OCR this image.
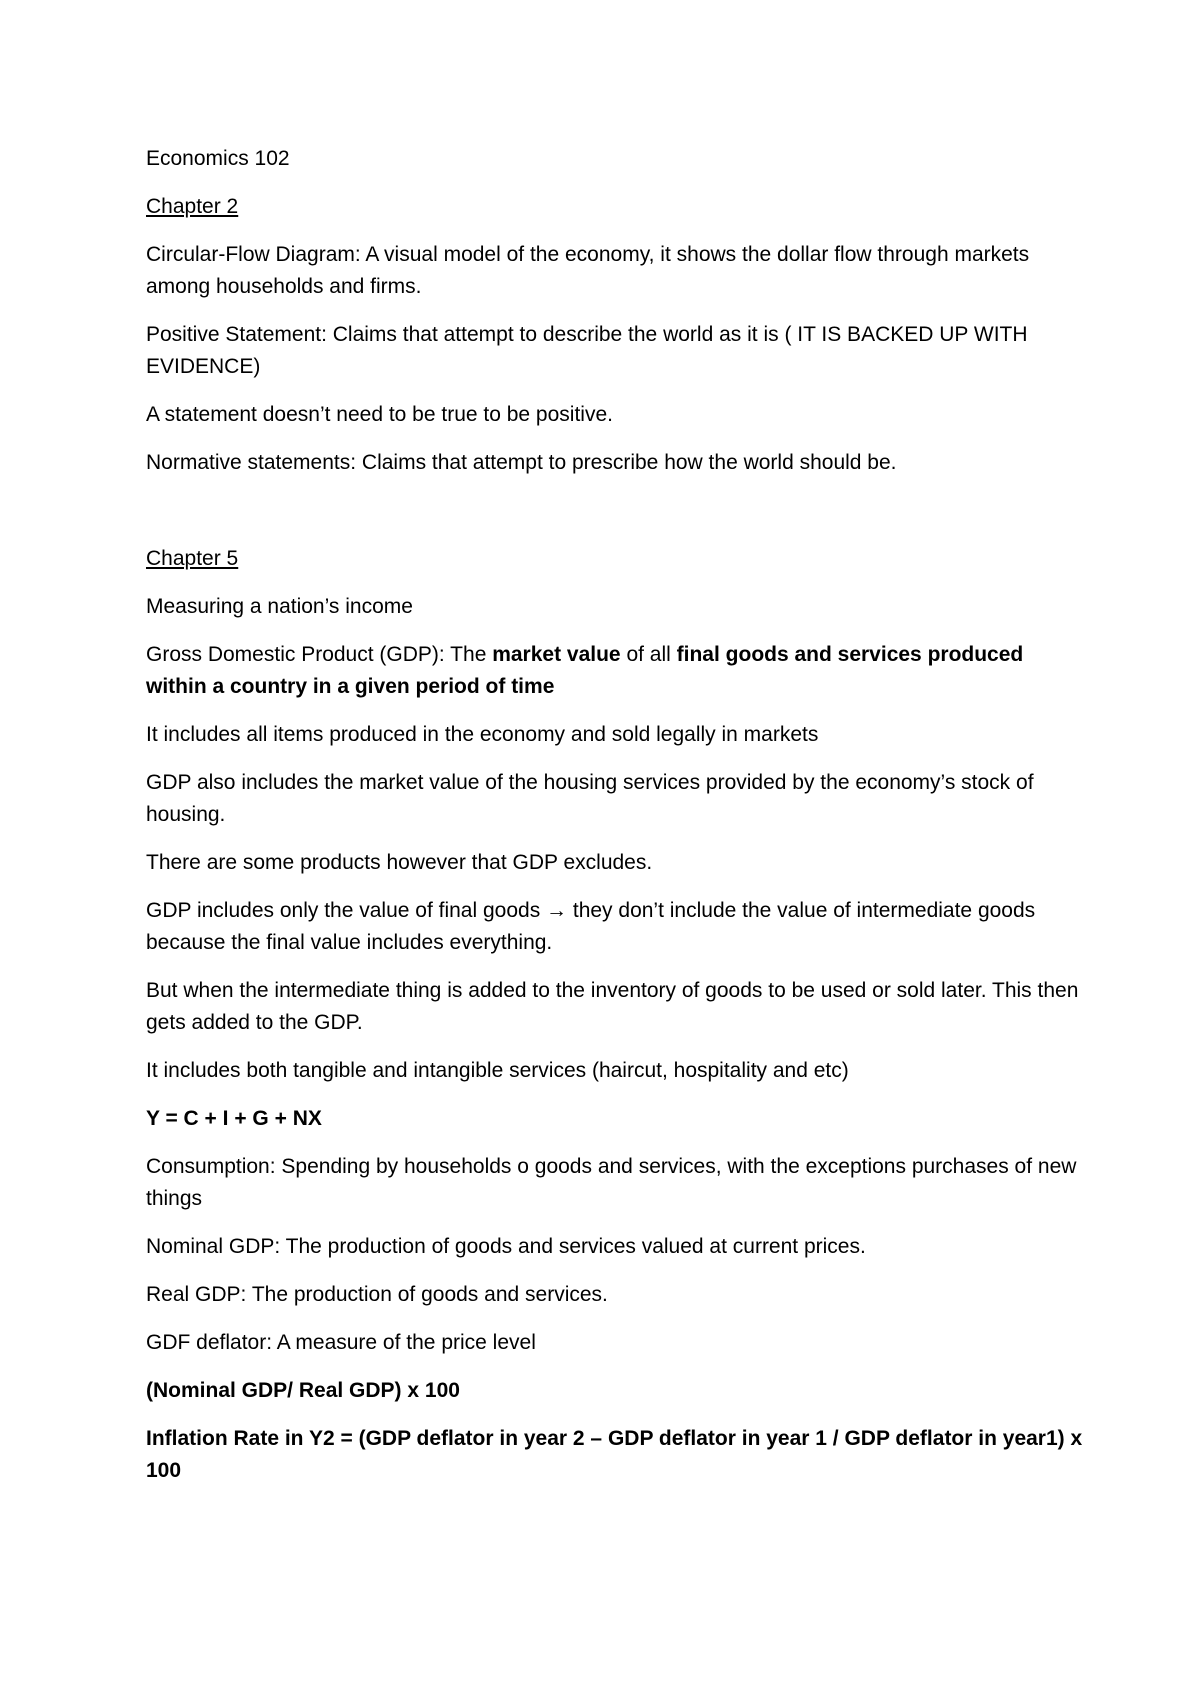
Economics 102

Chapter 2

Circular-Flow Diagram: A visual model of the economy, it shows the dollar flow through markets among households and firms.

Positive Statement: Claims that attempt to describe the world as it is ( IT IS BACKED UP WITH EVIDENCE)

A statement doesn’t need to be true to be positive.

Normative statements: Claims that attempt to prescribe how the world should be.

Chapter 5

Measuring a nation’s income

Gross Domestic Product (GDP): The market value of all final goods and services produced within a country in a given period of time

It includes all items produced in the economy and sold legally in markets

GDP also includes the market value of the housing services provided by the economy’s stock of housing.

There are some products however that GDP excludes.

GDP includes only the value of final goods → they don’t include the value of intermediate goods because the final value includes everything.

But when the intermediate thing is added to the inventory of goods to be used or sold later. This then gets added to the GDP.

It includes both tangible and intangible services (haircut, hospitality and etc)

Y = C + I + G + NX

Consumption: Spending by households o goods and services, with the exceptions purchases of new things

Nominal GDP: The production of goods and services valued at current prices.

Real GDP: The production of goods and services.

GDF deflator: A measure of the price level

(Nominal GDP/ Real GDP) x 100

Inflation Rate in Y2 = (GDP deflator in year 2 – GDP deflator in year 1 / GDP deflator in year1) x 100
